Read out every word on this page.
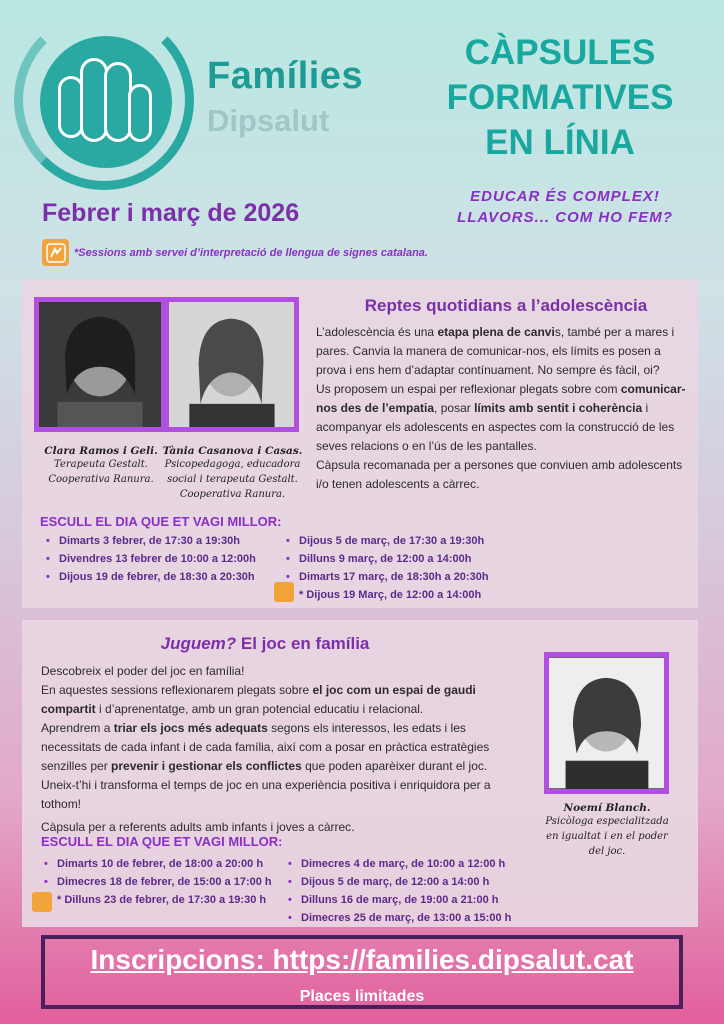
Famílies
Dipsalut
CÀPSULES
FORMATIVES
EN LÍNIA
EDUCAR ÉS COMPLEX!
LLAVORS... COM HO FEM?
Febrer i març de 2026
*Sessions amb servei d’interpretació de llengua de signes catalana.
Clara Ramos i Geli.
Terapeuta Gestalt.
Cooperativa Ranura.
Tània Casanova i Casas.
Psicopedagoga, educadora
social i terapeuta Gestalt.
Cooperativa Ranura.
Reptes quotidians a l’adolescència
L’adolescència és una etapa plena de canvis, també per a mares i pares. Canvia la manera de comunicar-nos, els límits es posen a prova i ens hem d’adaptar contínuament. No sempre és fàcil, oi?
Us proposem un espai per reflexionar plegats sobre com comunicar-nos des de l’empatia, posar límits amb sentit i coherència i acompanyar els adolescents en aspectes com la construcció de les seves relacions o en l’ús de les pantalles.
Càpsula recomanada per a persones que conviuen amb adolescents i/o tenen adolescents a càrrec.
ESCULL EL DIA QUE ET VAGI MILLOR:
• Dimarts 3 febrer, de 17:30 a 19:30h
• Divendres 13 febrer de 10:00 a 12:00h
• Dijous 19 de febrer, de 18:30 a 20:30h
• Dijous 5 de març, de 17:30 a 19:30h
• Dilluns 9 març, de 12:00 a 14:00h
• Dimarts 17 març, de 18:30h a 20:30h
* Dijous 19 Març, de 12:00 a 14:00h
Juguem? El joc en família
Descobreix el poder del joc en família!
En aquestes sessions reflexionarem plegats sobre el joc com un espai de gaudi compartit i d’aprenentatge, amb un gran potencial educatiu i relacional.
Aprendrem a triar els jocs més adequats segons els interessos, les edats i les necessitats de cada infant i de cada família, així com a posar en pràctica estratègies senzilles per prevenir i gestionar els conflictes que poden aparèixer durant el joc.
Uneix-t’hi i transforma el temps de joc en una experiència positiva i enriquidora per a tothom!
Càpsula per a referents adults amb infants i joves a càrrec.
Noemí Blanch.
Psicòloga especialitzada
en igualtat i en el poder
del joc.
ESCULL EL DIA QUE ET VAGI MILLOR:
• Dimarts 10 de febrer, de 18:00 a 20:00 h
• Dimecres 18 de febrer, de 15:00 a 17:00 h
* Dilluns 23 de febrer, de 17:30 a 19:30 h
• Dimecres 4 de març, de 10:00 a 12:00 h
• Dijous 5 de març, de 12:00 a 14:00 h
• Dilluns 16 de març, de 19:00 a 21:00 h
• Dimecres 25 de març, de 13:00 a 15:00 h
Inscripcions: https://families.dipsalut.cat
Places limitades
